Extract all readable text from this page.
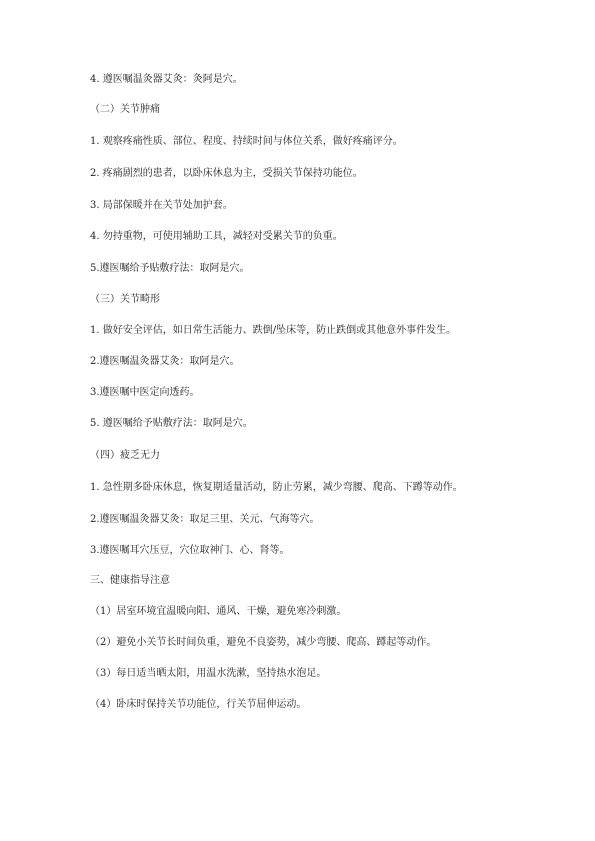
4. 遵医嘱温灸器艾灸：灸阿是穴。
（二）关节肿痛
1. 观察疼痛性质、部位、程度、持续时间与体位关系，做好疼痛评分。
2. 疼痛剧烈的患者，以卧床休息为主，受损关节保持功能位。
3. 局部保暖并在关节处加护套。
4. 勿持重物，可使用辅助工具，减轻对受累关节的负重。
5.遵医嘱给予贴敷疗法：取阿是穴。
（三）关节畸形
1. 做好安全评估，如日常生活能力、跌倒/坠床等，防止跌倒或其他意外事件发生。
2.遵医嘱温灸器艾灸：取阿是穴。
3.遵医嘱中医定向透药。
5. 遵医嘱给予贴敷疗法：取阿是穴。
（四）疲乏无力
1. 急性期多卧床休息，恢复期适量活动，防止劳累，减少弯腰、爬高、下蹲等动作。
2.遵医嘱温灸器艾灸：取足三里、关元、气海等穴。
3.遵医嘱耳穴压豆，穴位取神门、心、肾等。
三、健康指导注意
（1）居室环境宜温暖向阳、通风、干燥，避免寒冷刺激。
（2）避免小关节长时间负重，避免不良姿势，减少弯腰、爬高、蹲起等动作。
（3）每日适当晒太阳，用温水洗漱，坚持热水泡足。
（4）卧床时保持关节功能位，行关节屈伸运动。
